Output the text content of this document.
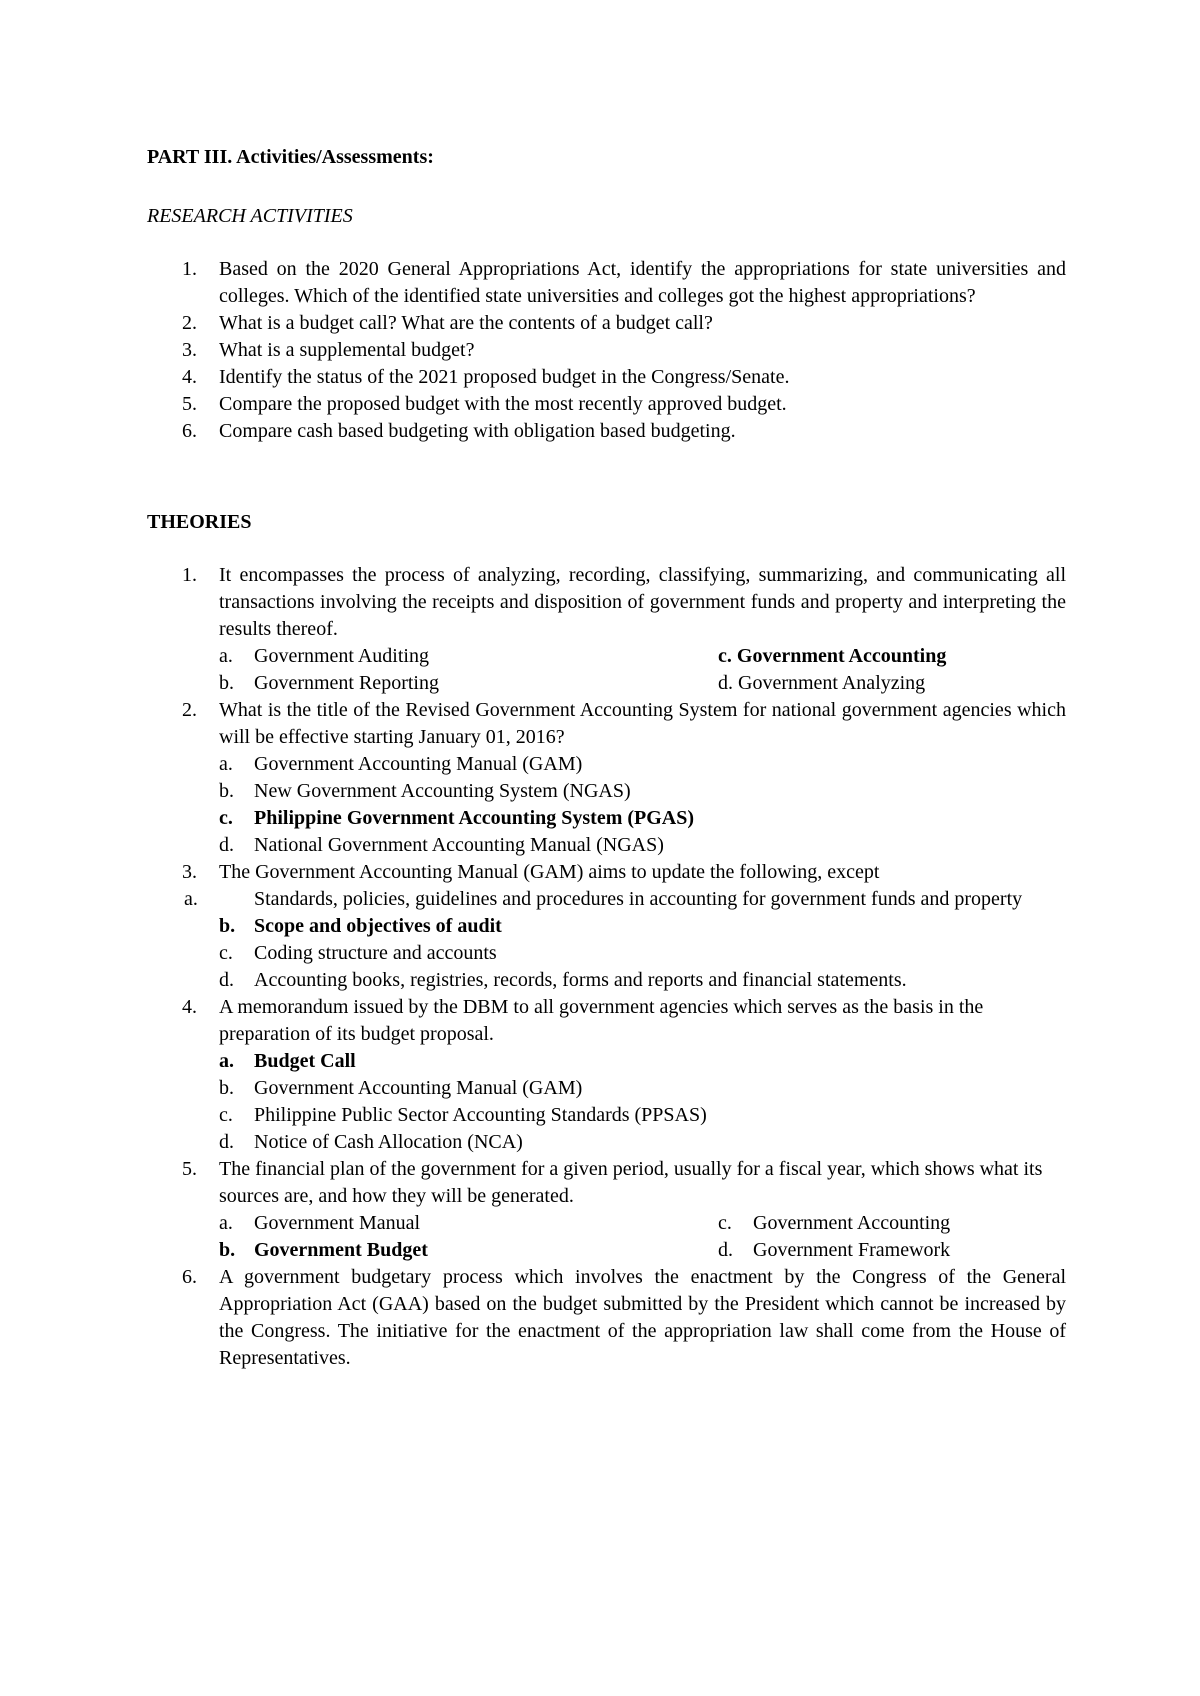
PART III. Activities/Assessments:
RESEARCH ACTIVITIES
1. Based on the 2020 General Appropriations Act, identify the appropriations for state universities and colleges. Which of the identified state universities and colleges got the highest appropriations?
2. What is a budget call? What are the contents of a budget call?
3. What is a supplemental budget?
4. Identify the status of the 2021 proposed budget in the Congress/Senate.
5. Compare the proposed budget with the most recently approved budget.
6. Compare cash based budgeting with obligation based budgeting.
THEORIES
1. It encompasses the process of analyzing, recording, classifying, summarizing, and communicating all transactions involving the receipts and disposition of government funds and property and interpreting the results thereof.
a. Government Auditing	c. Government Accounting
b. Government Reporting	d. Government Analyzing
2. What is the title of the Revised Government Accounting System for national government agencies which will be effective starting January 01, 2016?
a. Government Accounting Manual (GAM)
b. New Government Accounting System (NGAS)
c. Philippine Government Accounting System (PGAS)
d. National Government Accounting Manual (NGAS)
3. The Government Accounting Manual (GAM) aims to update the following, except
a.	Standards, policies, guidelines and procedures in accounting for government funds and property
b. Scope and objectives of audit
c. Coding structure and accounts
d. Accounting books, registries, records, forms and reports and financial statements.
4. A memorandum issued by the DBM to all government agencies which serves as the basis in the preparation of its budget proposal.
a. Budget Call
b. Government Accounting Manual (GAM)
c. Philippine Public Sector Accounting Standards (PPSAS)
d. Notice of Cash Allocation (NCA)
5. The financial plan of the government for a given period, usually for a fiscal year, which shows what its sources are, and how they will be generated.
a. Government Manual	c. Government Accounting
b. Government Budget	d. Government Framework
6. A government budgetary process which involves the enactment by the Congress of the General Appropriation Act (GAA) based on the budget submitted by the President which cannot be increased by the Congress. The initiative for the enactment of the appropriation law shall come from the House of Representatives.
